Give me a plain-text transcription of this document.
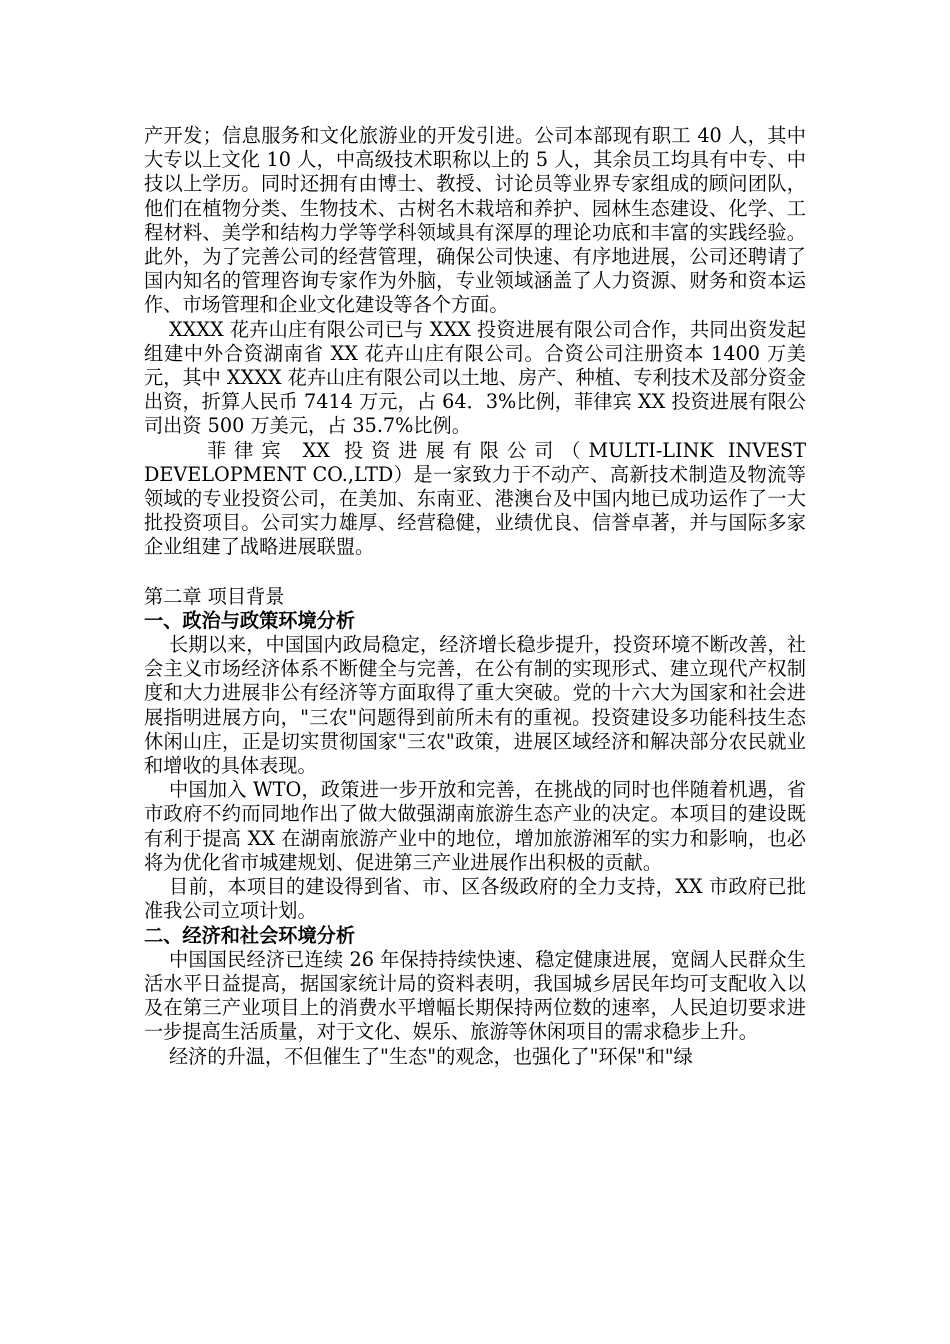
产开发；信息服务和文化旅游业的开发引进。公司本部现有职工 40 人，其中大专以上文化 10 人，中高级技术职称以上的 5 人，其余员工均具有中专、中技以上学历。同时还拥有由博士、教授、讨论员等业界专家组成的顾问团队，他们在植物分类、生物技术、古树名木栽培和养护、园林生态建设、化学、工程材料、美学和结构力学等学科领域具有深厚的理论功底和丰富的实践经验。此外，为了完善公司的经营管理，确保公司快速、有序地进展，公司还聘请了国内知名的管理咨询专家作为外脑，专业领域涵盖了人力资源、财务和资本运作、市场管理和企业文化建设等各个方面。

XXXX 花卉山庄有限公司已与 XXX 投资进展有限公司合作，共同出资发起组建中外合资湖南省 XX 花卉山庄有限公司。合资公司注册资本 1400 万美元，其中 XXXX 花卉山庄有限公司以土地、房产、种植、专利技术及部分资金出资，折算人民币 7414 万元，占 64．3%比例，菲律宾 XX 投资进展有限公司出资 500 万美元，占 35.7%比例。

菲律宾 XX 投资进展有限公司（MULTI-LINK INVEST DEVELOPMENT CO.,LTD）是一家致力于不动产、高新技术制造及物流等领域的专业投资公司，在美加、东南亚、港澳台及中国内地已成功运作了一大批投资项目。公司实力雄厚、经营稳健，业绩优良、信誉卓著，并与国际多家企业组建了战略进展联盟。

第二章 项目背景

一、政治与政策环境分析

长期以来，中国国内政局稳定，经济增长稳步提升，投资环境不断改善，社会主义市场经济体系不断健全与完善，在公有制的实现形式、建立现代产权制度和大力进展非公有经济等方面取得了重大突破。党的十六大为国家和社会进展指明进展方向，"三农"问题得到前所未有的重视。投资建设多功能科技生态休闲山庄，正是切实贯彻国家"三农"政策，进展区域经济和解决部分农民就业和增收的具体表现。

中国加入 WTO，政策进一步开放和完善，在挑战的同时也伴随着机遇，省市政府不约而同地作出了做大做强湖南旅游生态产业的决定。本项目的建设既有利于提高 XX 在湖南旅游产业中的地位，增加旅游湘军的实力和影响，也必将为优化省市城建规划、促进第三产业进展作出积极的贡献。

目前，本项目的建设得到省、市、区各级政府的全力支持，XX 市政府已批准我公司立项计划。

二、经济和社会环境分析

中国国民经济已连续 26 年保持持续快速、稳定健康进展，宽阔人民群众生活水平日益提高，据国家统计局的资料表明，我国城乡居民年均可支配收入以及在第三产业项目上的消费水平增幅长期保持两位数的速率，人民迫切要求进一步提高生活质量，对于文化、娱乐、旅游等休闲项目的需求稳步上升。

经济的升温，不但催生了"生态"的观念，也强化了"环保"和"绿
